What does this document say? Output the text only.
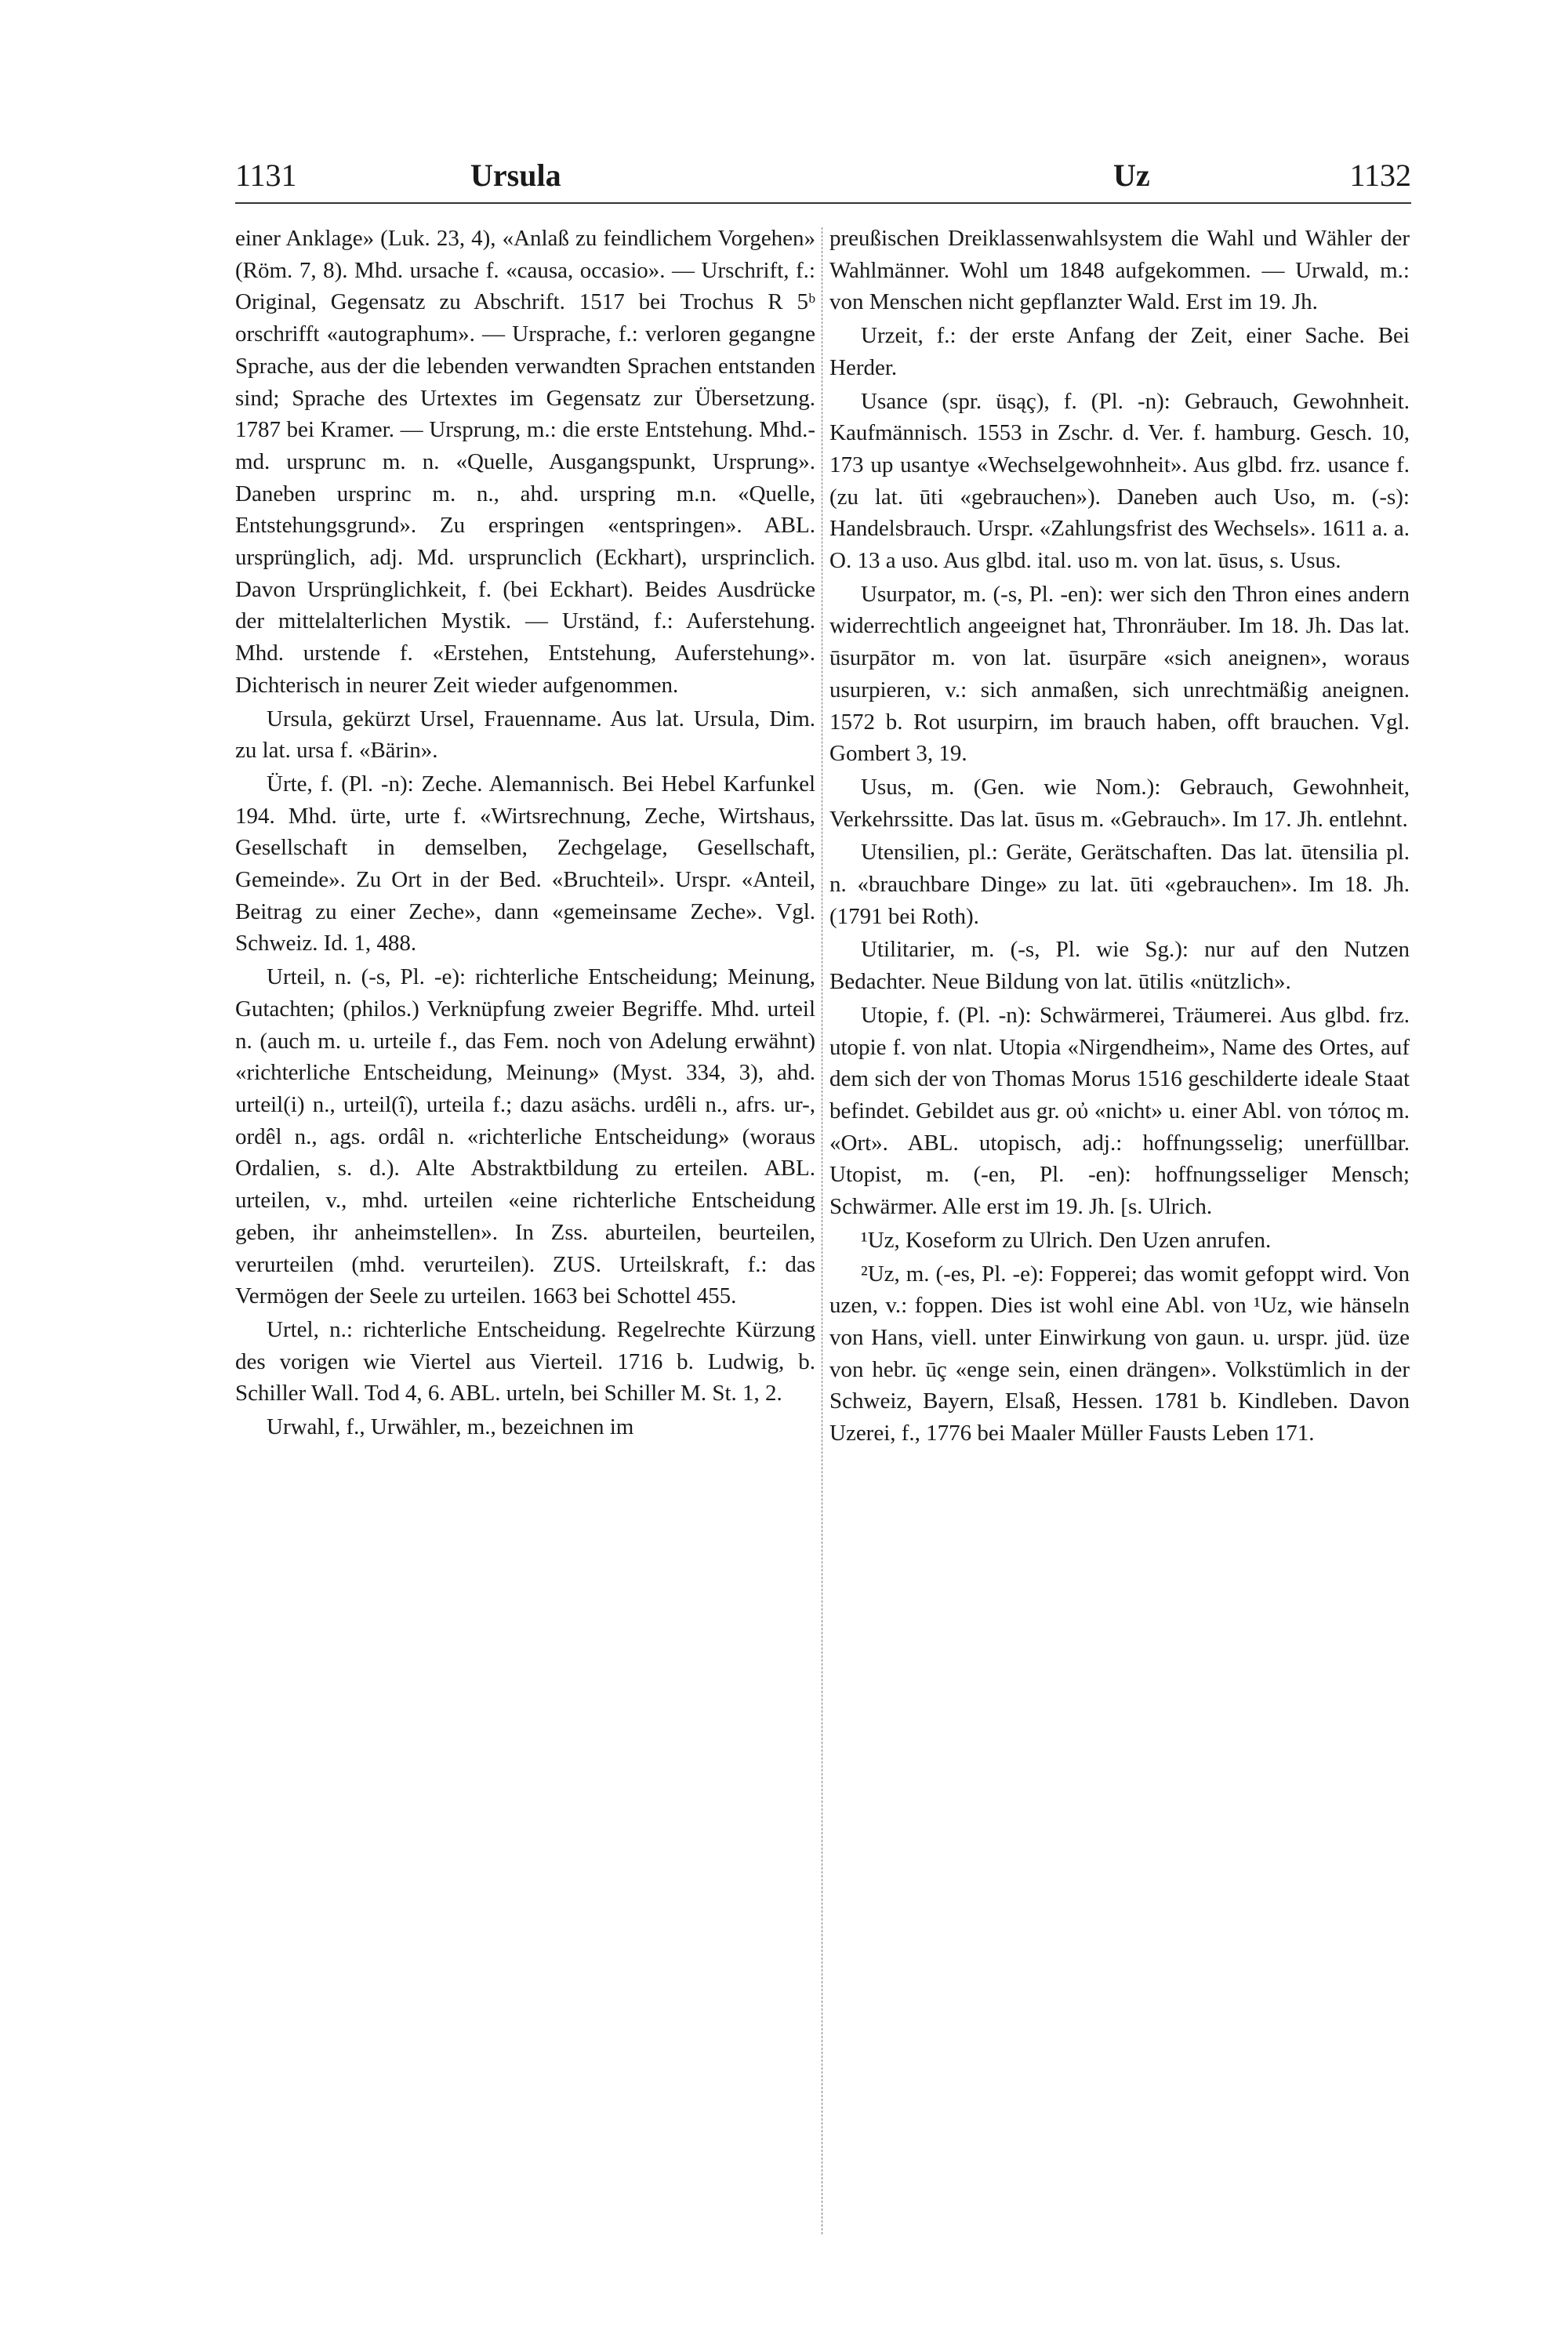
1131	Ursula	Uz	1132

einer Anklage» (Luk. 23, 4), «Anlaß zu feindlichem Vorgehen» (Röm. 7, 8). Mhd. ursache f. «causa, occasio». — Urschrift, f.: Original, Gegensatz zu Abschrift. 1517 bei Trochus R 5ᵇ orschrifft «autographum». — Ursprache, f.: verloren gegangne Sprache, aus der die lebenden verwandten Sprachen entstanden sind; Sprache des Urtextes im Gegensatz zur Übersetzung. 1787 bei Kramer. — Ursprung, m.: die erste Entstehung. Mhd.-md. ursprunc m. n. «Quelle, Ausgangspunkt, Ursprung». Daneben ursprinc m. n., ahd. urspring m.n. «Quelle, Entstehungsgrund». Zu erspringen «entspringen». ABL. ursprünglich, adj. Md. ursprunclich (Eckhart), ursprinclich. Davon Ursprünglichkeit, f. (bei Eckhart). Beides Ausdrücke der mittelalterlichen Mystik. — Urständ, f.: Auferstehung. Mhd. urstende f. «Erstehen, Entstehung, Auferstehung». Dichterisch in neurer Zeit wieder aufgenommen.

Ursula, gekürzt Ursel, Frauenname. Aus lat. Ursula, Dim. zu lat. ursa f. «Bärin».

Ürte, f. (Pl. -n): Zeche. Alemannisch. Bei Hebel Karfunkel 194. Mhd. ürte, urte f. «Wirtsrechnung, Zeche, Wirtshaus, Gesellschaft in demselben, Zechgelage, Gesellschaft, Gemeinde». Zu Ort in der Bed. «Bruchteil». Urspr. «Anteil, Beitrag zu einer Zeche», dann «gemeinsame Zeche». Vgl. Schweiz. Id. 1, 488.

Urteil, n. (-s, Pl. -e): richterliche Entscheidung; Meinung, Gutachten; (philos.) Verknüpfung zweier Begriffe. Mhd. urteil n. (auch m. u. urteile f., das Fem. noch von Adelung erwähnt) «richterliche Entscheidung, Meinung» (Myst. 334, 3), ahd. urteil(i) n., urteil(î), urteila f.; dazu asächs. urdêli n., afrs. ur-, ordêl n., ags. ordâl n. «richterliche Entscheidung» (woraus Ordalien, s. d.). Alte Abstraktbildung zu erteilen. ABL. urteilen, v., mhd. urteilen «eine richterliche Entscheidung geben, ihr anheimstellen». In Zss. aburteilen, beurteilen, verurteilen (mhd. verurteilen). ZUS. Urteilskraft, f.: das Vermögen der Seele zu urteilen. 1663 bei Schottel 455.

Urtel, n.: richterliche Entscheidung. Regelrechte Kürzung des vorigen wie Viertel aus Vierteil. 1716 b. Ludwig, b. Schiller Wall. Tod 4, 6. ABL. urteln, bei Schiller M. St. 1, 2.

Urwahl, f., Urwähler, m., bezeichnen im

preußischen Dreiklassenwahlsystem die Wahl und Wähler der Wahlmänner. Wohl um 1848 aufgekommen. — Urwald, m.: von Menschen nicht gepflanzter Wald. Erst im 19. Jh.

Urzeit, f.: der erste Anfang der Zeit, einer Sache. Bei Herder.

Usance (spr. üsąç), f. (Pl. -n): Gebrauch, Gewohnheit. Kaufmännisch. 1553 in Zschr. d. Ver. f. hamburg. Gesch. 10, 173 up usantye «Wechselgewohnheit». Aus glbd. frz. usance f. (zu lat. ūti «gebrauchen»). Daneben auch Uso, m. (-s): Handelsbrauch. Urspr. «Zahlungsfrist des Wechsels». 1611 a. a. O. 13 a uso. Aus glbd. ital. uso m. von lat. ūsus, s. Usus.

Usurpator, m. (-s, Pl. -en): wer sich den Thron eines andern widerrechtlich angeeignet hat, Thronräuber. Im 18. Jh. Das lat. ūsurpātor m. von lat. ūsurpāre «sich aneignen», woraus usurpieren, v.: sich anmaßen, sich unrechtmäßig aneignen. 1572 b. Rot usurpirn, im brauch haben, offt brauchen. Vgl. Gombert 3, 19.

Usus, m. (Gen. wie Nom.): Gebrauch, Gewohnheit, Verkehrssitte. Das lat. ūsus m. «Gebrauch». Im 17. Jh. entlehnt.

Utensilien, pl.: Geräte, Gerätschaften. Das lat. ūtensilia pl. n. «brauchbare Dinge» zu lat. ūti «gebrauchen». Im 18. Jh. (1791 bei Roth).

Utilitarier, m. (-s, Pl. wie Sg.): nur auf den Nutzen Bedachter. Neue Bildung von lat. ūtilis «nützlich».

Utopie, f. (Pl. -n): Schwärmerei, Träumerei. Aus glbd. frz. utopie f. von nlat. Utopia «Nirgendheim», Name des Ortes, auf dem sich der von Thomas Morus 1516 geschilderte ideale Staat befindet. Gebildet aus gr. οὐ «nicht» u. einer Abl. von τόπος m. «Ort». ABL. utopisch, adj.: hoffnungsselig; unerfüllbar. Utopist, m. (-en, Pl. -en): hoffnungsseliger Mensch; Schwärmer. Alle erst im 19. Jh. [s. Ulrich.

¹Uz, Koseform zu Ulrich. Den Uzen anrufen.

²Uz, m. (-es, Pl. -e): Fopperei; das womit gefoppt wird. Von uzen, v.: foppen. Dies ist wohl eine Abl. von ¹Uz, wie hänseln von Hans, viell. unter Einwirkung von gaun. u. urspr. jüd. üze von hebr. ūç «enge sein, einen drängen». Volkstümlich in der Schweiz, Bayern, Elsaß, Hessen. 1781 b. Kindleben. Davon Uzerei, f., 1776 bei Maaler Müller Fausts Leben 171.
